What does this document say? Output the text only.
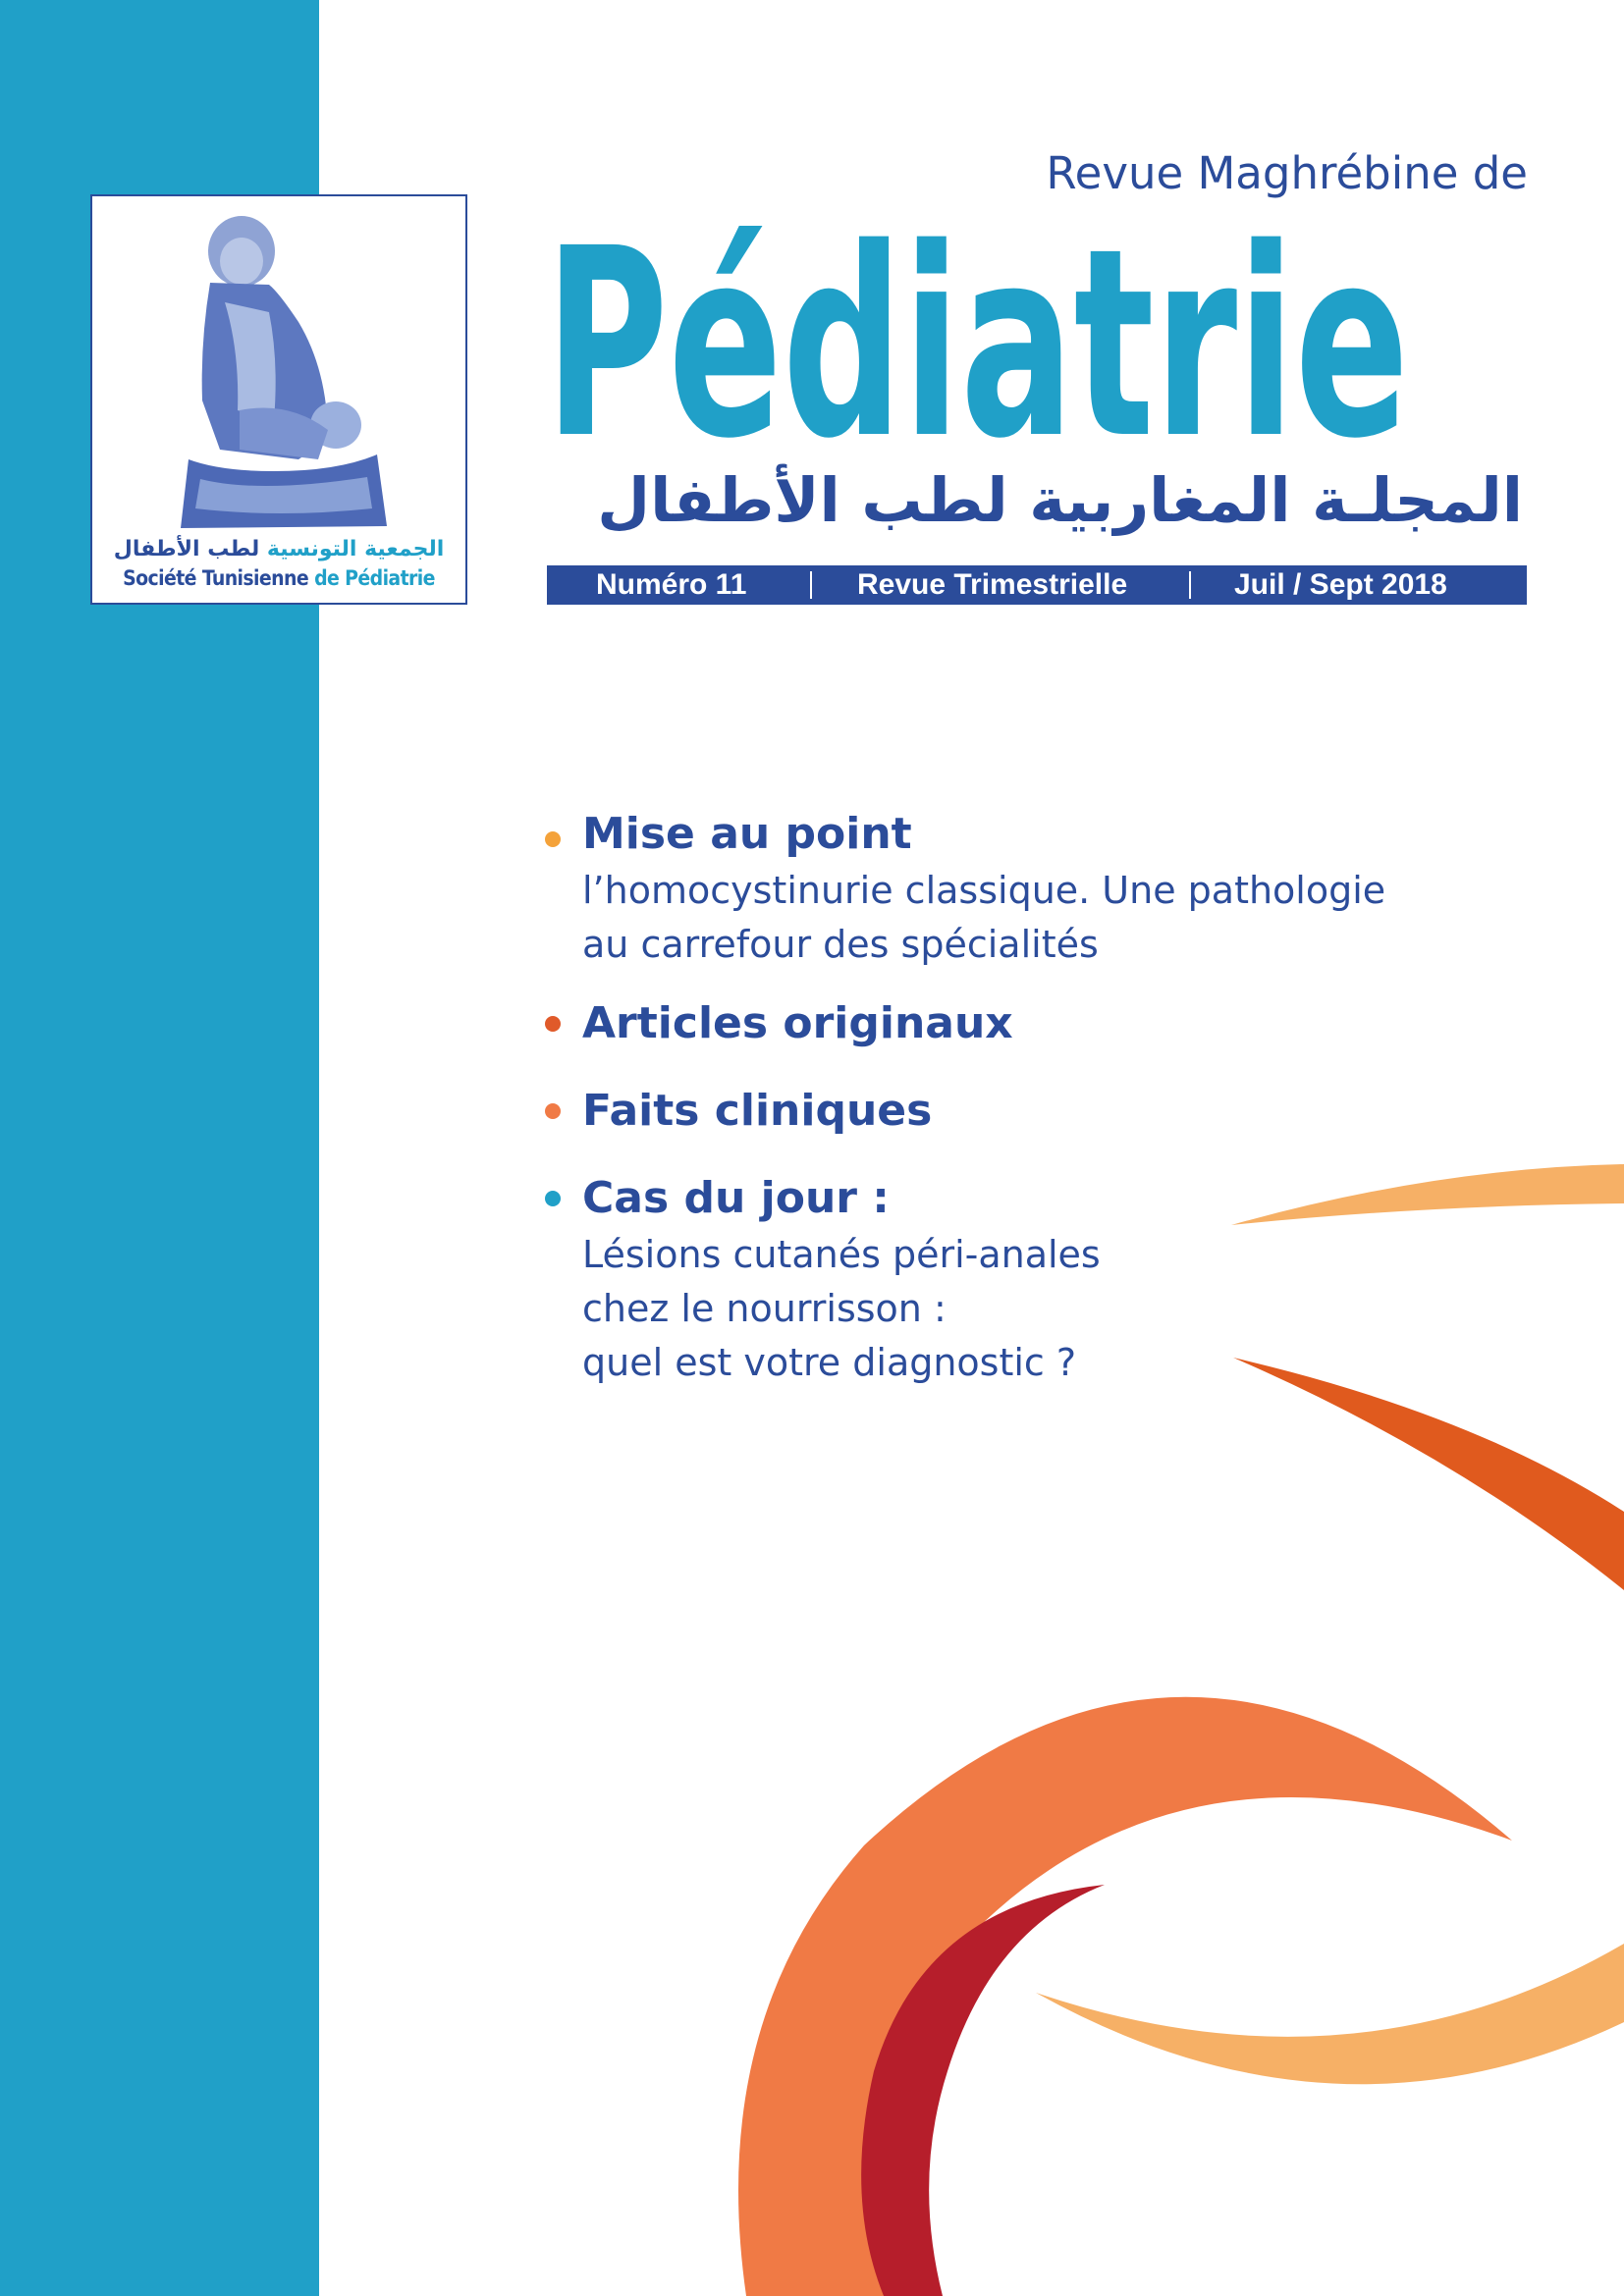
الجمعية التونسية لطب الأطفال
Société Tunisienne de Pédiatrie
Revue Maghrébine de
Pédiatrie
المجلـة المغاربية لطب الأطفال
Numéro 11	Revue Trimestrielle	Juil / Sept 2018
Mise au point
l’homocystinurie classique. Une pathologie
au carrefour des spécialités
Articles originaux
Faits cliniques
Cas du jour :
Lésions cutanés péri-anales
chez le nourrisson :
quel est votre diagnostic ?
